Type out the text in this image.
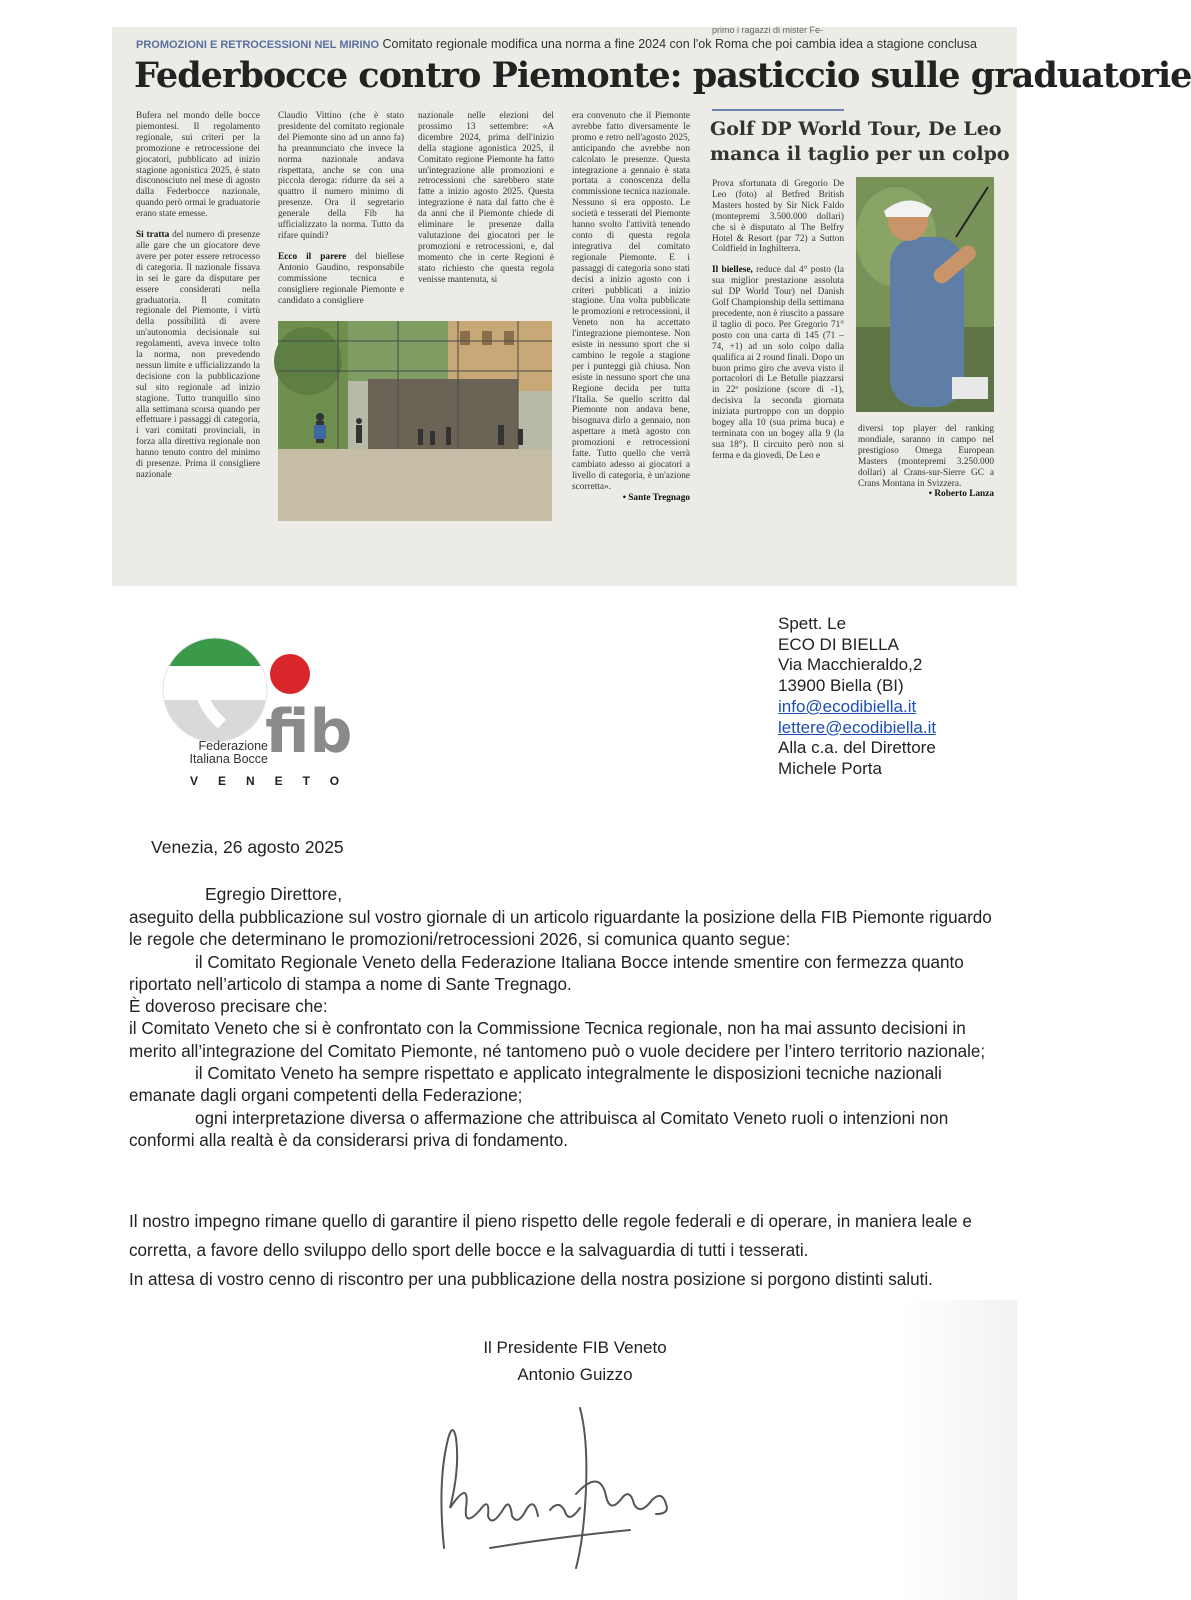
primo i ragazzi di mister Fe-
PROMOZIONI E RETROCESSIONI NEL MIRINO Comitato regionale modifica una norma a fine 2024 con l'ok Roma che poi cambia idea a stagione conclusa
Federbocce contro Piemonte: pasticcio sulle graduatorie

Bufera nel mondo delle bocce piemontesi. Il regolamento regionale, sui criteri per la promozione e retrocessione dei giocatori, pubblicato ad inizio stagione agonistica 2025, è stato disconosciuto nel mese di agosto dalla Federbocce nazionale, quando però ormai le graduatorie erano state emesse.

Si tratta del numero di presenze alle gare che un giocatore deve avere per poter essere retrocesso di categoria. Il nazionale fissava in sei le gare da disputare per essere considerati nella graduatoria. Il comitato regionale del Piemonte, i virtù della possibilità di avere un'autonomia decisionale sui regolamenti, aveva invece tolto la norma, non prevedendo nessun limite e ufficializzando la decisione con la pubblicazione sul sito regionale ad inizio stagione. Tutto tranquillo sino alla settimana scorsa quando per effettuare i passaggi di categoria, i vari comitati provinciali, in forza alla direttiva regionale non hanno tenuto contro del minimo di presenze. Prima il consigliere nazionale

Claudio Vittino (che è stato presidente del comitato regionale del Piemonte sino ad un anno fa) ha preannunciato che invece la norma nazionale andava rispettata, anche se con una piccola deroga: ridurre da sei a quattro il numero minimo di presenze. Ora il segretario generale della Fib ha ufficializzato la norma. Tutto da rifare quindi?

Ecco il parere del biellese Antonio Gaudino, responsabile commissione tecnica e consigliere regionale Piemonte e candidato a consigliere

nazionale nelle elezioni del prossimo 13 settembre: «A dicembre 2024, prima dell'inizio della stagione agonistica 2025, il Comitato regione Piemonte ha fatto un'integrazione alle promozioni e retrocessioni che sarebbero state fatte a inizio agosto 2025. Questa integrazione è nata dal fatto che è da anni che il Piemonte chiede di eliminare le presenze dalla valutazione dei giocatori per le promozioni e retrocessioni, e, dal momento che in certe Regioni è stato richiesto che questa regola venisse mantenuta, si
era convenuto che il Piemonte avrebbe fatto diversamente le promo e retro nell'agosto 2025, anticipando che avrebbe non calcolato le presenze. Questa integrazione a gennaio è stata portata a conoscenza della commissione tecnica nazionale. Nessuno si era opposto. Le società e tesserati del Piemonte hanno svolto l'attività tenendo conto di questa regola integrativa del comitato regionale Piemonte. E i passaggi di categoria sono stati decisi a inizio agosto con i criteri pubblicati a inizio stagione. Una volta pubblicate le promozioni e retrocessioni, il Veneto non ha accettato l'integrazione piemontese. Non esiste in nessuno sport che si cambino le regole a stagione per i punteggi già chiusa. Non esiste in nessuno sport che una Regione decida per tutta l'Italia. Se quello scritto dal Piemonte non andava bene, bisognava dirlo a gennaio, non aspettare a metà agosto con promozioni e retrocessioni fatte. Tutto quello che verrà cambiato adesso ai giocatori a livello di categoria, è un'azione scorretta».
• Sante Tregnago
Golf DP World Tour, De Leo
manca il taglio per un colpo

Prova sfortunata di Gregorio De Leo (foto) al Betfred British Masters hosted by Sir Nick Faldo (montepremi 3.500.000 dollari) che si è disputato al The Belfry Hotel & Resort (par 72) a Sutton Coldfield in Inghilterra.

Il biellese, reduce dal 4° posto (la sua miglior prestazione assoluta sul DP World Tour) nel Danish Golf Championship della settimana precedente, non è riuscito a passare il taglio di poco. Per Gregorio 71° posto con una carta di 145 (71 – 74, +1) ad un solo colpo dalla qualifica ai 2 round finali. Dopo un buon primo giro che aveva visto il portacolori di Le Betulle piazzarsi in 22ª posizione (score di -1), decisiva la seconda giornata iniziata purtroppo con un doppio bogey alla 10 (sua prima buca) e terminata con un bogey alla 9 (la sua 18°). Il circuito però non si ferma e da giovedì, De Leo e

diversi top player del ranking mondiale, saranno in campo nel prestigioso Omega European Masters (montepremi 3.250.000 dollari) al Crans-sur-Sierre GC a Crans Montana in Svizzera.
• Roberto Lanza
fib
Federazione
Italiana Bocce
VENETO
Spett. Le
ECO DI BIELLA
Via Macchieraldo,2
13900 Biella (BI)
info@ecodibiella.it
lettere@ecodibiella.it
Alla c.a. del Direttore
Michele Porta
Venezia, 26 agosto 2025
Egregio Direttore,

aseguito della pubblicazione sul vostro giornale di un articolo riguardante la posizione della FIB Piemonte riguardo le regole che determinano le promozioni/retrocessioni 2026, si comunica quanto segue:

il Comitato Regionale Veneto della Federazione Italiana Bocce intende smentire con fermezza quanto riportato nell’articolo di stampa a nome di Sante Tregnago.

È doveroso precisare che:

il Comitato Veneto che si è confrontato con la Commissione Tecnica regionale, non ha mai assunto decisioni in merito all’integrazione del Comitato Piemonte, né tantomeno può o vuole decidere per l’intero territorio nazionale;

il Comitato Veneto ha sempre rispettato e applicato integralmente le disposizioni tecniche nazionali emanate dagli organi competenti della Federazione;

ogni interpretazione diversa o affermazione che attribuisca al Comitato Veneto ruoli o intenzioni non conformi alla realtà è da considerarsi priva di fondamento.

Il nostro impegno rimane quello di garantire il pieno rispetto delle regole federali e di operare, in maniera leale e corretta, a favore dello sviluppo dello sport delle bocce e la salvaguardia di tutti i tesserati.

In attesa di vostro cenno di riscontro per una pubblicazione della nostra posizione si porgono distinti saluti.

Il Presidente FIB Veneto
Antonio Guizzo
